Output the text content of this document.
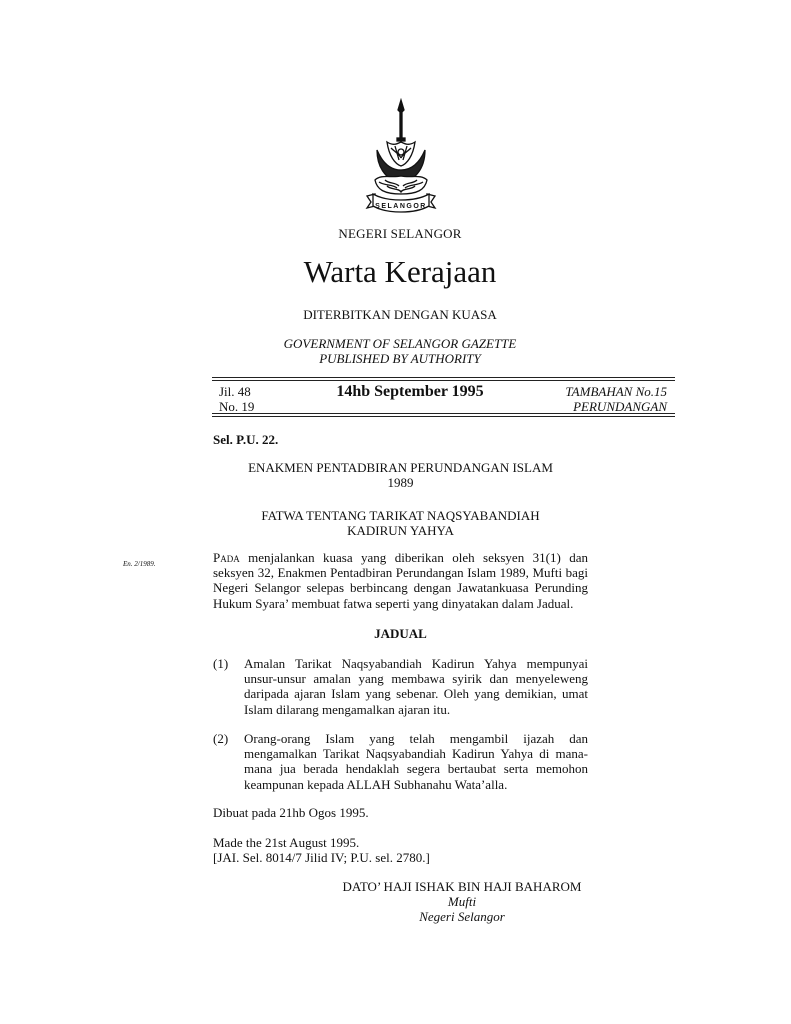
SELANGOR
NEGERI SELANGOR
Warta Kerajaan
DITERBITKAN DENGAN KUASA
GOVERNMENT OF SELANGOR GAZETTE
PUBLISHED BY AUTHORITY
Jil. 48
No. 19
14hb September 1995	TAMBAHAN No.15
PERUNDANGAN
Sel. P.U. 22.
ENAKMEN PENTADBIRAN PERUNDANGAN ISLAM
1989
FATWA TENTANG TARIKAT NAQSYABANDIAH
KADIRUN YAHYA
En. 2/1989.	Pada menjalankan kuasa yang diberikan oleh seksyen 31(1) dan seksyen 32, Enakmen Pentadbiran Perundangan Islam 1989, Mufti bagi Negeri Selangor selepas berbincang dengan Jawatankuasa Perunding Hukum Syara’ membuat fatwa seperti yang dinyatakan dalam Jadual.
JADUAL
(1) Amalan Tarikat Naqsyabandiah Kadirun Yahya mempunyai unsur-unsur amalan yang membawa syirik dan menyeleweng daripada ajaran Islam yang sebenar. Oleh yang demikian, umat Islam dilarang mengamalkan ajaran itu.
(2) Orang-orang Islam yang telah mengambil ijazah dan mengamalkan Tarikat Naqsyabandiah Kadirun Yahya di mana-mana jua berada hendaklah segera bertaubat serta memohon keampunan kepada ALLAH Subhanahu Wata’alla.
Dibuat pada 21hb Ogos 1995.
Made the 21st August 1995.
[JAI. Sel. 8014/7 Jilid IV; P.U. sel. 2780.]
DATO’ HAJI ISHAK BIN HAJI BAHAROM
Mufti
Negeri Selangor
